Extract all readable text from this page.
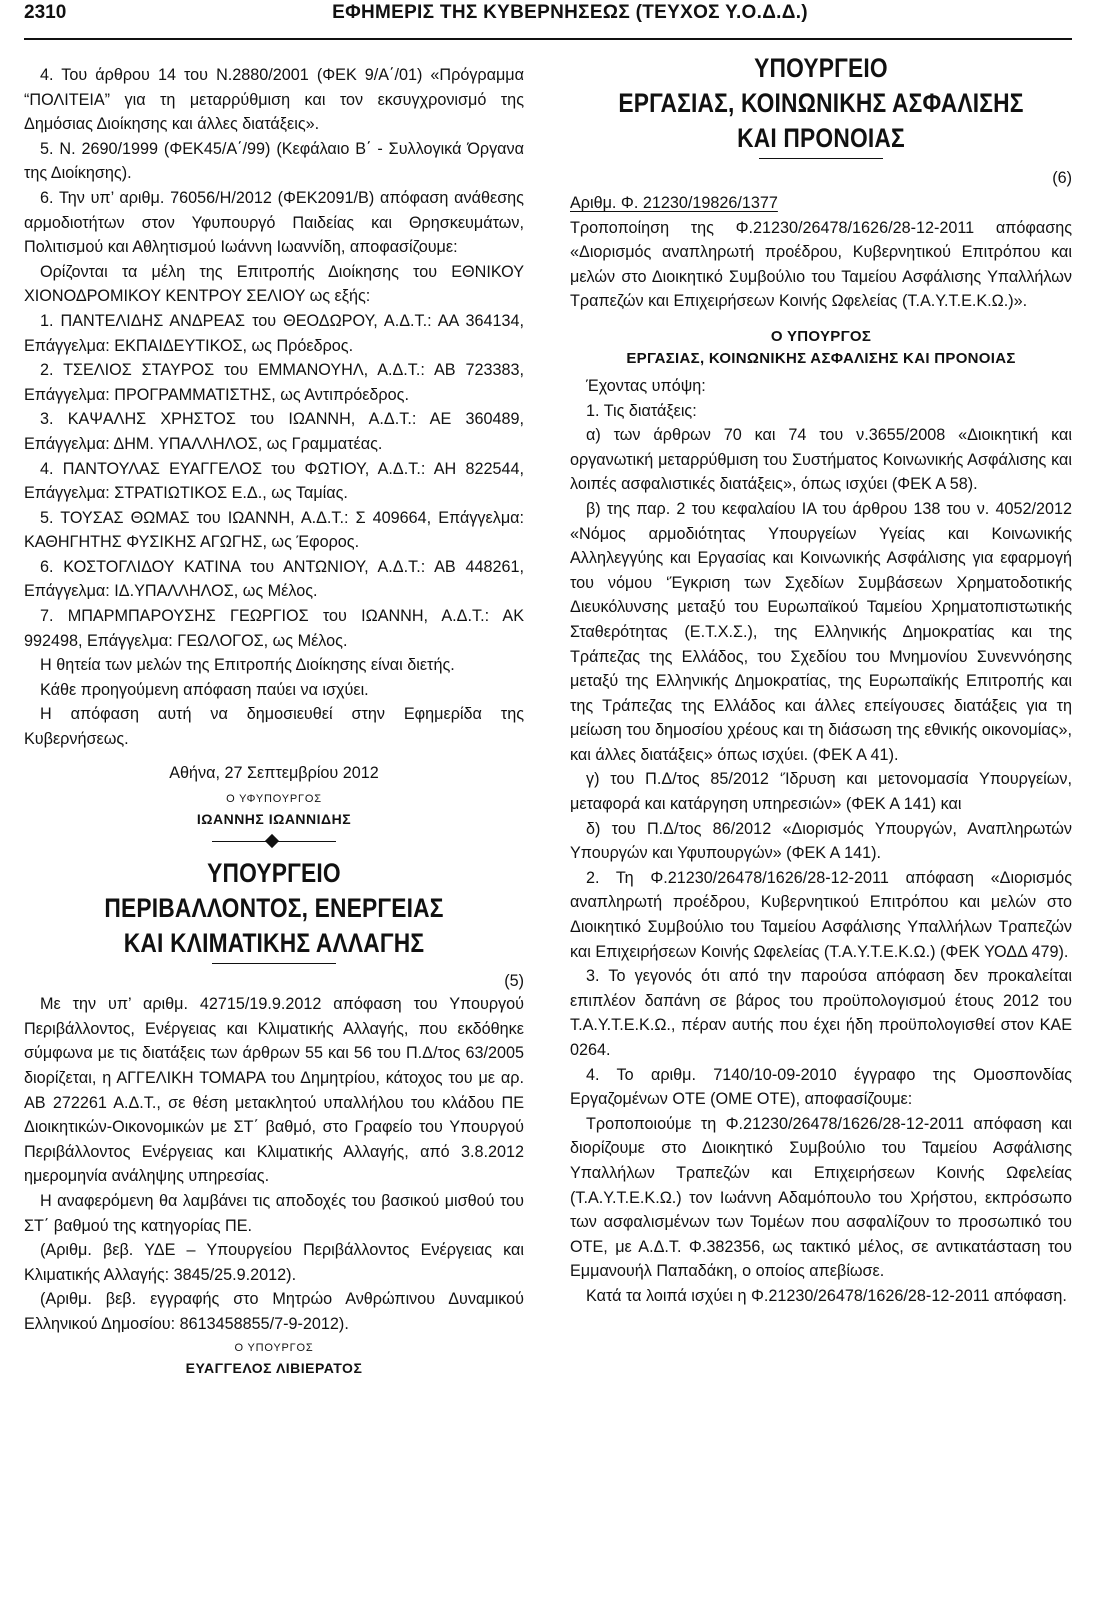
2310	ΕΦΗΜΕΡΙΣ ΤΗΣ ΚΥΒΕΡΝΗΣΕΩΣ (ΤΕΥΧΟΣ Υ.Ο.Δ.Δ.)

4. Του άρθρου 14 του Ν.2880/2001 (ΦΕΚ 9/Α΄/01) «Πρόγραμμα “ΠΟΛΙΤΕΙΑ” για τη μεταρρύθμιση και τον εκσυγχρονισμό της Δημόσιας Διοίκησης και άλλες διατάξεις».

5. Ν. 2690/1999 (ΦΕΚ45/Α΄/99) (Κεφάλαιο Β΄ - Συλλογικά Όργανα της Διοίκησης).

6. Την υπ’ αριθμ. 76056/Η/2012 (ΦΕΚ2091/Β) απόφαση ανάθεσης αρμοδιοτήτων στον Υφυπουργό Παιδείας και Θρησκευμάτων, Πολιτισμού και Αθλητισμού Ιωάννη Ιωαννίδη, αποφασίζουμε:

Ορίζονται τα μέλη της Επιτροπής Διοίκησης του ΕΘΝΙΚΟΥ ΧΙΟΝΟΔΡΟΜΙΚΟΥ ΚΕΝΤΡΟΥ ΣΕΛΙΟΥ ως εξής:

1. ΠΑΝΤΕΛΙΔΗΣ ΑΝΔΡΕΑΣ του ΘΕΟΔΩΡΟΥ, Α.Δ.Τ.: ΑΑ 364134, Επάγγελμα: ΕΚΠΑΙΔΕΥΤΙΚΟΣ, ως Πρόεδρος.

2. ΤΣΕΛΙΟΣ ΣΤΑΥΡΟΣ του ΕΜΜΑΝΟΥΗΛ, Α.Δ.Τ.: ΑΒ 723383, Επάγγελμα: ΠΡΟΓΡΑΜΜΑΤΙΣΤΗΣ, ως Αντιπρόεδρος.

3. ΚΑΨΑΛΗΣ ΧΡΗΣΤΟΣ του ΙΩΑΝΝΗ, Α.Δ.Τ.: ΑΕ 360489, Επάγγελμα: ΔΗΜ. ΥΠΑΛΛΗΛΟΣ, ως Γραμματέας.

4. ΠΑΝΤΟΥΛΑΣ ΕΥΑΓΓΕΛΟΣ του ΦΩΤΙΟΥ, Α.Δ.Τ.: ΑΗ 822544, Επάγγελμα: ΣΤΡΑΤΙΩΤΙΚΟΣ Ε.Δ., ως Ταμίας.

5. ΤΟΥΣΑΣ ΘΩΜΑΣ του ΙΩΑΝΝΗ, Α.Δ.Τ.: Σ 409664, Επάγγελμα: ΚΑΘΗΓΗΤΗΣ ΦΥΣΙΚΗΣ ΑΓΩΓΗΣ, ως Έφορος.

6. ΚΟΣΤΟΓΛΙΔΟΥ ΚΑΤΙΝΑ του ΑΝΤΩΝΙΟΥ, Α.Δ.Τ.: ΑΒ 448261, Επάγγελμα: ΙΔ.ΥΠΑΛΛΗΛΟΣ, ως Μέλος.

7. ΜΠΑΡΜΠΑΡΟΥΣΗΣ ΓΕΩΡΓΙΟΣ του ΙΩΑΝΝΗ, Α.Δ.Τ.: ΑΚ 992498, Επάγγελμα: ΓΕΩΛΟΓΟΣ, ως Μέλος.

Η θητεία των μελών της Επιτροπής Διοίκησης είναι διετής.

Κάθε προηγούμενη απόφαση παύει να ισχύει.

Η απόφαση αυτή να δημοσιευθεί στην Εφημερίδα της Κυβερνήσεως.

Αθήνα, 27 Σεπτεμβρίου 2012

Ο ΥΦΥΠΟΥΡΓΟΣ
ΙΩΑΝΝΗΣ ΙΩΑΝΝΙΔΗΣ
ΥΠΟΥΡΓΕΙΟ
ΠΕΡΙΒΑΛΛΟΝΤΟΣ, ΕΝΕΡΓΕΙΑΣ
ΚΑΙ ΚΛΙΜΑΤΙΚΗΣ ΑΛΛΑΓΗΣ
(5)

Με την υπ’ αριθμ. 42715/19.9.2012 απόφαση του Υπουργού Περιβάλλοντος, Ενέργειας και Κλιματικής Αλλαγής, που εκδόθηκε σύμφωνα με τις διατάξεις των άρθρων 55 και 56 του Π.Δ/τος 63/2005 διορίζεται, η ΑΓΓΕΛΙΚΗ ΤΟΜΑΡΑ του Δημητρίου, κάτοχος του με αρ. ΑΒ 272261 Α.Δ.Τ., σε θέση μετακλητού υπαλλήλου του κλάδου ΠΕ Διοικητικών-Οικονομικών με ΣΤ΄ βαθμό, στο Γραφείο του Υπουργού Περιβάλλοντος Ενέργειας και Κλιματικής Αλλαγής, από 3.8.2012 ημερομηνία ανάληψης υπηρεσίας.

Η αναφερόμενη θα λαμβάνει τις αποδοχές του βασικού μισθού του ΣΤ΄ βαθμού της κατηγορίας ΠΕ.

(Αριθμ. βεβ. ΥΔΕ – Υπουργείου Περιβάλλοντος Ενέργειας και Κλιματικής Αλλαγής: 3845/25.9.2012).

(Αριθμ. βεβ. εγγραφής στο Μητρώο Ανθρώπινου Δυναμικού Ελληνικού Δημοσίου: 8613458855/7-9-2012).

Ο ΥΠΟΥΡΓΟΣ
ΕΥΑΓΓΕΛΟΣ ΛΙΒΙΕΡΑΤΟΣ
ΥΠΟΥΡΓΕΙΟ
ΕΡΓΑΣΙΑΣ, ΚΟΙΝΩΝΙΚΗΣ ΑΣΦΑΛΙΣΗΣ
ΚΑΙ ΠΡΟΝΟΙΑΣ
(6)

Αριθμ. Φ. 21230/19826/1377

Τροποποίηση της Φ.21230/26478/1626/28-12-2011 απόφασης «Διορισμός αναπληρωτή προέδρου, Κυβερνητικού Επιτρόπου και μελών στο Διοικητικό Συμβούλιο του Ταμείου Ασφάλισης Υπαλλήλων Τραπεζών και Επιχειρήσεων Κοινής Ωφελείας (Τ.Α.Υ.Τ.Ε.Κ.Ω.)».

Ο ΥΠΟΥΡΓΟΣ
ΕΡΓΑΣΙΑΣ, ΚΟΙΝΩΝΙΚΗΣ ΑΣΦΑΛΙΣΗΣ ΚΑΙ ΠΡΟΝΟΙΑΣ

Έχοντας υπόψη:

1. Τις διατάξεις:

α) των άρθρων 70 και 74 του ν.3655/2008 «Διοικητική και οργανωτική μεταρρύθμιση του Συστήματος Κοινωνικής Ασφάλισης και λοιπές ασφαλιστικές διατάξεις», όπως ισχύει (ΦΕΚ Α 58).

β) της παρ. 2 του κεφαλαίου ΙΑ του άρθρου 138 του ν. 4052/2012 «Νόμος αρμοδιότητας Υπουργείων Υγείας και Κοινωνικής Αλληλεγγύης και Εργασίας και Κοινωνικής Ασφάλισης για εφαρμογή του νόμου ‘Έγκριση των Σχεδίων Συμβάσεων Χρηματοδοτικής Διευκόλυνσης μεταξύ του Ευρωπαϊκού Ταμείου Χρηματοπιστωτικής Σταθερότητας (Ε.Τ.Χ.Σ.), της Ελληνικής Δημοκρατίας και της Τράπεζας της Ελλάδος, του Σχεδίου του Μνημονίου Συνεννόησης μεταξύ της Ελληνικής Δημοκρατίας, της Ευρωπαϊκής Επιτροπής και της Τράπεζας της Ελλάδος και άλλες επείγουσες διατάξεις για τη μείωση του δημοσίου χρέους και τη διάσωση της εθνικής οικονομίας», και άλλες διατάξεις» όπως ισχύει. (ΦΕΚ Α 41).

γ) του Π.Δ/τος 85/2012 ‘Ίδρυση και μετονομασία Υπουργείων, μεταφορά και κατάργηση υπηρεσιών» (ΦΕΚ Α 141) και

δ) του Π.Δ/τος 86/2012 «Διορισμός Υπουργών, Αναπληρωτών Υπουργών και Υφυπουργών» (ΦΕΚ Α 141).

2. Τη Φ.21230/26478/1626/28-12-2011 απόφαση «Διορισμός αναπληρωτή προέδρου, Κυβερνητικού Επιτρόπου και μελών στο Διοικητικό Συμβούλιο του Ταμείου Ασφάλισης Υπαλλήλων Τραπεζών και Επιχειρήσεων Κοινής Ωφελείας (Τ.Α.Υ.Τ.Ε.Κ.Ω.) (ΦΕΚ ΥΟΔΔ 479).

3. Το γεγονός ότι από την παρούσα απόφαση δεν προκαλείται επιπλέον δαπάνη σε βάρος του προϋπολογισμού έτους 2012 του Τ.Α.Υ.Τ.Ε.Κ.Ω., πέραν αυτής που έχει ήδη προϋπολογισθεί στον ΚΑΕ 0264.

4. Το αριθμ. 7140/10-09-2010 έγγραφο της Ομοσπονδίας Εργαζομένων ΟΤΕ (ΟΜΕ ΟΤΕ), αποφασίζουμε:

Τροποποιούμε τη Φ.21230/26478/1626/28-12-2011 απόφαση και διορίζουμε στο Διοικητικό Συμβούλιο του Ταμείου Ασφάλισης Υπαλλήλων Τραπεζών και Επιχειρήσεων Κοινής Ωφελείας (Τ.Α.Υ.Τ.Ε.Κ.Ω.) τον Ιωάννη Αδαμόπουλο του Χρήστου, εκπρόσωπο των ασφαλισμένων των Τομέων που ασφαλίζουν το προσωπικό του ΟΤΕ, με Α.Δ.Τ. Φ.382356, ως τακτικό μέλος, σε αντικατάσταση του Εμμανουήλ Παπαδάκη, ο οποίος απεβίωσε.

Κατά τα λοιπά ισχύει η Φ.21230/26478/1626/28-12-2011 απόφαση.
